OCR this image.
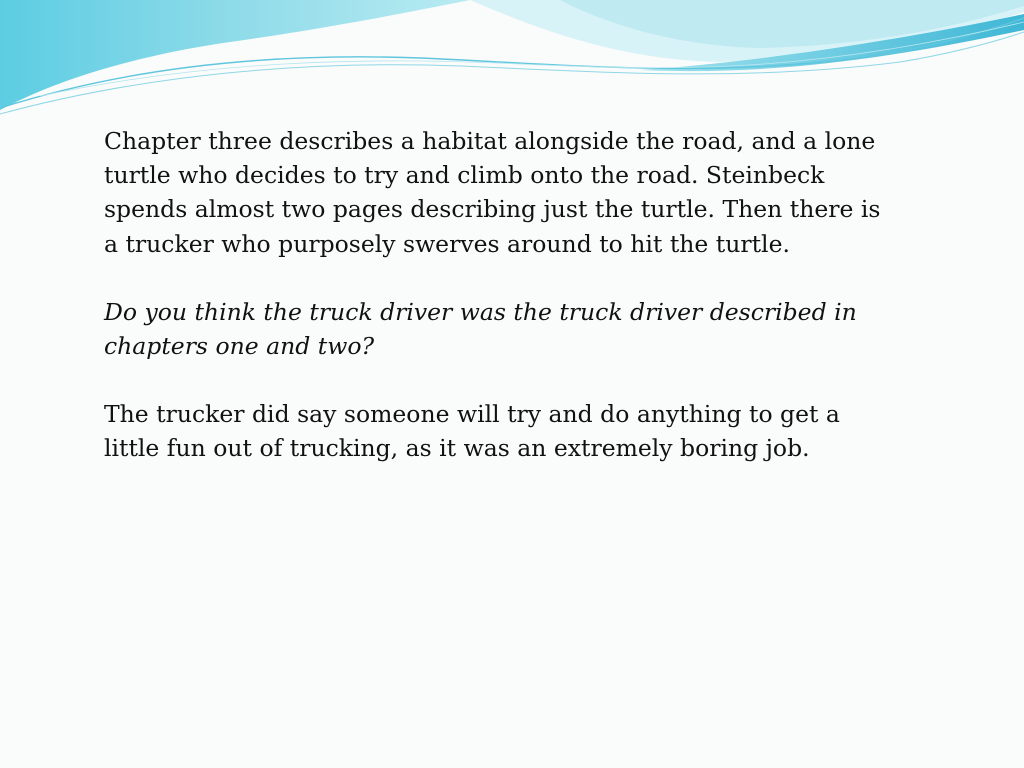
Chapter three describes a habitat alongside the road, and a lone turtle who decides to try and climb onto the road. Steinbeck spends almost two pages describing just the turtle. Then there is a trucker who purposely swerves around to hit the turtle.

Do you think the truck driver was the truck driver described in chapters one and two?

The trucker did say someone will try and do anything to get a little fun out of trucking, as it was an extremely boring job.
